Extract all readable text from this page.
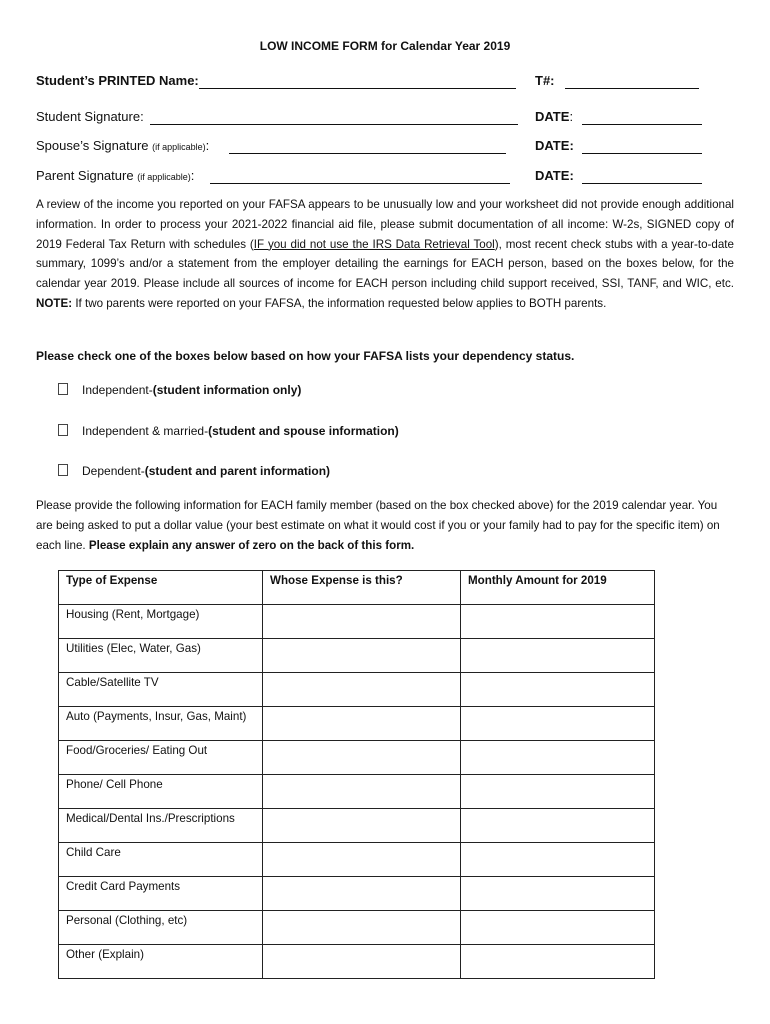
LOW INCOME FORM for Calendar Year 2019
Student’s PRINTED Name:	T#:
Student Signature:	DATE:
Spouse’s Signature (if applicable):	DATE:
Parent Signature (if applicable):	DATE:

A review of the income you reported on your FAFSA appears to be unusually low and your worksheet did not provide enough additional information. In order to process your 2021-2022 financial aid file, please submit documentation of all income: W-2s, SIGNED copy of 2019 Federal Tax Return with schedules (IF you did not use the IRS Data Retrieval Tool), most recent check stubs with a year-to-date summary, 1099’s and/or a statement from the employer detailing the earnings for EACH person, based on the boxes below, for the calendar year 2019. Please include all sources of income for EACH person including child support received, SSI, TANF, and WIC, etc. NOTE: If two parents were reported on your FAFSA, the information requested below applies to BOTH parents.

Please check one of the boxes below based on how your FAFSA lists your dependency status.
Independent-(student information only)
Independent & married-(student and spouse information)
Dependent-(student and parent information)

Please provide the following information for EACH family member (based on the box checked above) for the 2019 calendar year. You are being asked to put a dollar value (your best estimate on what it would cost if you or your family had to pay for the specific item) on each line. Please explain any answer of zero on the back of this form.

Type of Expense	Whose Expense is this?	Monthly Amount for 2019
Housing (Rent, Mortgage)		
Utilities (Elec, Water, Gas)		
Cable/Satellite TV		
Auto (Payments, Insur, Gas, Maint)		
Food/Groceries/ Eating Out		
Phone/ Cell Phone		
Medical/Dental Ins./Prescriptions		
Child Care		
Credit Card Payments		
Personal (Clothing, etc)		
Other (Explain)		
